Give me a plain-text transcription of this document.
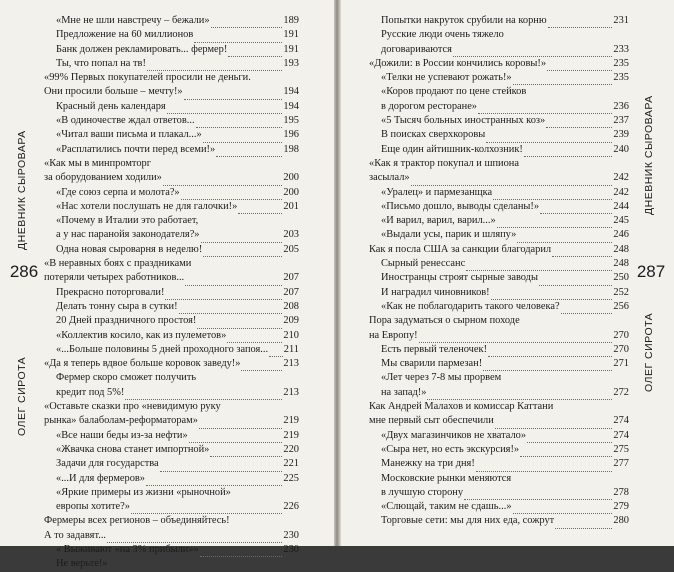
286
ОЛЕГ СИРОТА
ДНЕВНИК СЫРОВАРА
«Мне не шли навстречу – бежали»	189
Предложение на 60 миллионов	191
Банк должен рекламировать... фермер!	191
Ты, что попал на тв!	193
«99% Первых покупателей просили не деньги.
Они просили больше – мечту!»	194
Красный день календаря	194
«В одиночестве ждал ответов...	195
«Читал ваши письма и плакал...»	196
«Расплатились почти перед всеми!»	198
«Как мы в минпромторг
за оборудованием ходили»	200
«Где союз серпа и молота?»	200
«Нас хотели послушать не для галочки!»	201
«Почему в Италии это работает,
а у нас паранойя законодателя?»	203
Одна новая сыроварня в неделю!	205
«В неравных боях с праздниками
потеряли четырех работников...	207
Прекрасно поторговали!	207
Делать тонну сыра в сутки!	208
20 Дней праздничного простоя!	209
«Коллектив косило, как из пулеметов»	210
«...Больше половины 5 дней проходного запоя... 211
«Да я теперь вдвое больше коровок заведу!»	213
Фермер скоро сможет получить
кредит под 5%!	213
«Оставьте сказки про «невидимую руку
рынка» балаболам-реформаторам»	219
«Все наши беды из-за нефти»	219
«Жвачка снова станет импортной»	220
Задачи для государства	221
«...И для фермеров»	225
«Яркие примеры из жизни «рыночной»
европы хотите?»	226
Фермеры всех регионов – объединяйтесь!
А то задавят...	230
« Выживают «на 3% прибыли»»	230
Не верьте!»
Попытки накруток срубили на корню	231
Русские люди очень тяжело
договариваются	233
«Дожили: в России кончились коровы!»	235
«Телки не успевают рожать!»	235
«Коров продают по цене стейков
в дорогом ресторане»	236
«5 Тысяч больных иностранных коз»	237
В поисках сверхкоровы	239
Еще один айтишник-колхозник!	240
«Как я трактор покупал и шпиона
засылал»	242
«Уралец» и пармезанщка	242
«Письмо дошло, выводы сделаны!»	244
«И варил, варил, варил...»	245
«Выдали усы, парик и шляпу»	246
Как я посла США за санкции благодарил	248
Сырный ренессанс	248
Иностранцы строят сырные заводы	250
И наградил чиновников!	252
«Как не поблагодарить такого человека?	256
Пора задуматься о сырном походе
на Европу!	270
Есть первый теленочек!	270
Мы сварили пармезан!	271
«Лет через 7-8 мы прорвем
на запад!»	272
Как Андрей Малахов и комиссар Каттани
мне первый сыт обеспечили	274
«Двух магазинчиков не хватало»	274
«Сыра нет, но есть экскурсия!»	275
Манежку на три дня!	277
Московские рынки меняются
в лучшую сторону	278
«Слющай, таким не сдашь...»	279
Торговые сети: мы для них еда, сожрут	280
287
ОЛЕГ СИРОТА
ДНЕВНИК СЫРОВАРА
